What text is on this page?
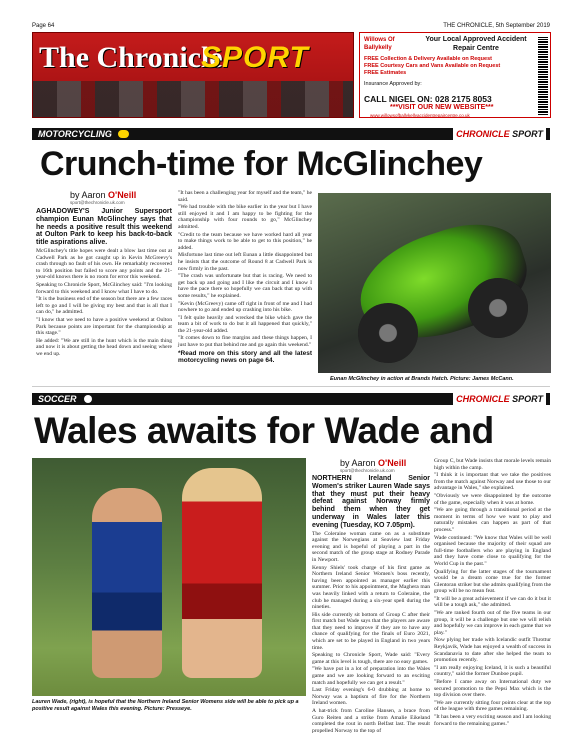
Page 64	THE CHRONICLE, 5th September 2019
The Chronicle
SPORT
Willows Of Ballykelly
Your Local Approved Accident Repair Centre
FREE Collection & Delivery Available on Request
FREE Courtesy Cars and Vans Available on Request
FREE Estimates
Insurance Approved by:
CALL NIGEL ON: 028 2175 8053
***VISIT OUR NEW WEBSITE***
www.willowsofballykellyaccidentrepaircentre.co.uk
MOTORCYCLING	CHRONICLE SPORT
Crunch-time for McGlinchey
by Aaron O'Neill
sport@thechronicle.uk.com

AGHADOWEY'S Junior Supersport champion Eunan McGlinchey says that he needs a positive result this weekend at Oulton Park to keep his back-to-back title aspirations alive.

McGlinchey's title hopes were dealt a blow last time out at Cadwell Park as he got caught up in Kevin McGreevy's crash through no fault of his own. He remarkably recovered to 16th position but failed to score any points and the 21-year-old knows there is no room for error this weekend.

Speaking to Chronicle Sport, McGlinchey said: "I'm looking forward to this weekend and I know what I have to do.

"It is the business end of the season but there are a few races left to go and I will be giving my best and that is all that I can do," he admitted.

"I know that we need to have a positive weekend at Oulton Park because points are important for the championship at this stage."

He added: "We are still in the hunt which is the main thing and now it is about getting the head down and seeing where we end up.

"It has been a challenging year for myself and the team," he said.

"We had trouble with the bike earlier in the year but I have still enjoyed it and I am happy to be fighting for the championship with four rounds to go," McGlinchey admitted.

"Credit to the team because we have worked hard all year to make things work to be able to get to this position," he added.

Misfortune last time out left Eunan a little disappointed but he insists that the outcome of Round 8 at Cadwell Park is now firmly in the past.

"The crash was unfortunate but that is racing. We need to get back up and going and I like the circuit and I know I have the pace there so hopefully we can back that up with some results," he explained.

"Kevin (McGreevy) came off right in front of me and I had nowhere to go and ended up crashing into his bike.

"I felt quite heavily and wrecked the bike which gave the team a bit of work to do but it all happened that quickly," the 21-year-old added.

"It comes down to fine margins and these things happen, I just have to put that behind me and go again this weekend."

*Read more on this story and all the latest motorcycling news on page 64.

Eunan McGlinchey in action at Brands Hatch. Picture: James McCann.
SOCCER	CHRONICLE SPORT
Wales awaits for Wade and
Lauren Wade, (right), is hopeful that the Northern Ireland Senior Womens side will be able to pick up a positive result against Wales this evening. Picture: Presseye.
by Aaron O'Neill
sport@thechronicle.uk.com

NORTHERN Ireland Senior Women's striker Lauren Wade says that they must put their heavy defeat against Norway firmly behind them when they get underway in Wales later this evening (Tuesday, KO 7.05pm).

The Coleraine woman came on as a substitute against the Norwegians at Seaview last Friday evening and is hopeful of playing a part in the second match of the group stage at Rodney Parade in Newport.

Kenny Shiels' took charge of his first game as Northern Ireland Senior Women's boss recently, having been appointed as manager earlier this summer. Prior to his appointment, the Maghera man was heavily linked with a return to Coleraine, the club he managed during a six-year spell during the nineties.

His side currently sit bottom of Group C after their first match but Wade says that the players are aware that they need to improve if they are to have any chance of qualifying for the finals of Euro 2021, which are set to be played in England in two years time.

Speaking to Chronicle Sport, Wade said: "Every game at this level is tough, there are no easy games.

"We have put in a lot of preparation into the Wales game and we are looking forward to an exciting match and hopefully we can get a result."

Last Friday evening's 6-0 drubbing at home to Norway was a baptism of fire for the Northern Ireland women.

A hat-trick from Caroline Hansen, a brace from Guro Reiten and a strike from Amalie Eikeland completed the rout in north Belfast last. The result propelled Norway to the top of

Group C, but Wade insists that morale levels remain high within the camp.

"I think it is important that we take the positives from the match against Norway and use those to our advantage in Wales," she explained.

"Obviously we were disappointed by the outcome of the game, especially when it was at home.

"We are going through a transitional period at the moment in terms of how we want to play and naturally mistakes can happen as part of that process."

Wade continued: "We know that Wales will be well organised because the majority of their squad are full-time footballers who are playing in England and they have come close to qualifying for the World Cup in the past."

Qualifying for the latter stages of the tournament would be a dream come true for the former Glentoran striker but she admits qualifying from the group will be no mean feat.

"It will be a great achievement if we can do it but it will be a tough ask," she admitted.

"We are ranked fourth out of the five teams in our group, it will be a challenge but one we will relish and hopefully we can improve in each game that we play."

Now plying her trade with Icelandic outfit Throttur Reykjavik, Wade has enjoyed a wealth of success in Scandanavia to date after she helped the team to promotion recently.

"I am really enjoying Iceland, it is such a beautiful country," said the former Dunboe pupil.

"Before I came away on International duty we secured promotion to the Pepsi Max which is the top division over there.

"We are currently sitting four points clear at the top of the league with three games remaining.

"It has been a very exciting season and I am looking forward to the remaining games."
